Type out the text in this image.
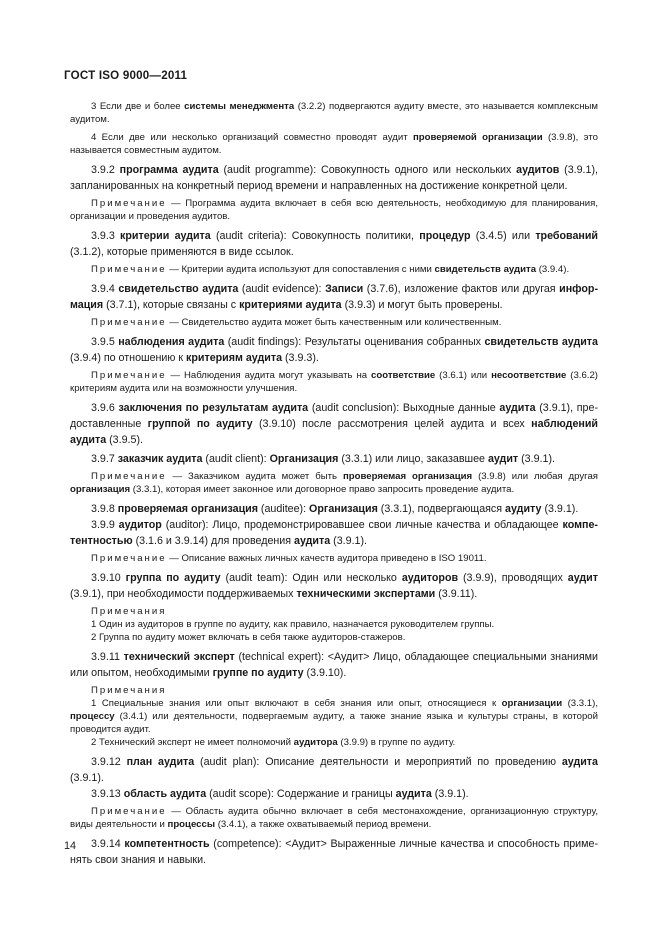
ГОСТ ISO 9000—2011

3 Если две и более системы менеджмента (3.2.2) подвергаются аудиту вместе, это называется комплексным аудитом.

4 Если две или несколько организаций совместно проводят аудит проверяемой организации (3.9.8), это называется совместным аудитом.

3.9.2 программа аудита (audit programme): Совокупность одного или нескольких аудитов (3.9.1), запланированных на конкретный период времени и направленных на достижение конкретной цели.

Примечание — Программа аудита включает в себя всю деятельность, необходимую для планирования, организации и проведения аудитов.

3.9.3 критерии аудита (audit criteria): Совокупность политики, процедур (3.4.5) или требований (3.1.2), которые применяются в виде ссылок.

Примечание — Критерии аудита используют для сопоставления с ними свидетельств аудита (3.9.4).

3.9.4 свидетельство аудита (audit evidence): Записи (3.7.6), изложение фактов или другая информация (3.7.1), которые связаны с критериями аудита (3.9.3) и могут быть проверены.

Примечание — Свидетельство аудита может быть качественным или количественным.

3.9.5 наблюдения аудита (audit findings): Результаты оценивания собранных свидетельств аудита (3.9.4) по отношению к критериям аудита (3.9.3).

Примечание — Наблюдения аудита могут указывать на соответствие (3.6.1) или несоответствие (3.6.2) критериям аудита или на возможности улучшения.

3.9.6 заключения по результатам аудита (audit conclusion): Выходные данные аудита (3.9.1), предоставленные группой по аудиту (3.9.10) после рассмотрения целей аудита и всех наблюдений аудита (3.9.5).

3.9.7 заказчик аудита (audit client): Организация (3.3.1) или лицо, заказавшее аудит (3.9.1).

Примечание — Заказчиком аудита может быть проверяемая организация (3.9.8) или любая другая организация (3.3.1), которая имеет законное или договорное право запросить проведение аудита.

3.9.8 проверяемая организация (auditee): Организация (3.3.1), подвергающаяся аудиту (3.9.1).

3.9.9 аудитор (auditor): Лицо, продемонстрировавшее свои личные качества и обладающее компетентностью (3.1.6 и 3.9.14) для проведения аудита (3.9.1).

Примечание — Описание важных личных качеств аудитора приведено в ISO 19011.

3.9.10 группа по аудиту (audit team): Один или несколько аудиторов (3.9.9), проводящих аудит (3.9.1), при необходимости поддерживаемых техническими экспертами (3.9.11).

Примечания

1 Один из аудиторов в группе по аудиту, как правило, назначается руководителем группы.

2 Группа по аудиту может включать в себя также аудиторов-стажеров.

3.9.11 технический эксперт (technical expert): <Аудит> Лицо, обладающее специальными знаниями или опытом, необходимыми группе по аудиту (3.9.10).

Примечания

1 Специальные знания или опыт включают в себя знания или опыт, относящиеся к организации (3.3.1), процессу (3.4.1) или деятельности, подвергаемым аудиту, а также знание языка и культуры страны, в которой проводится аудит.

2 Технический эксперт не имеет полномочий аудитора (3.9.9) в группе по аудиту.

3.9.12 план аудита (audit plan): Описание деятельности и мероприятий по проведению аудита (3.9.1).

3.9.13 область аудита (audit scope): Содержание и границы аудита (3.9.1).

Примечание — Область аудита обычно включает в себя местонахождение, организационную структуру, виды деятельности и процессы (3.4.1), а также охватываемый период времени.

3.9.14 компетентность (competence): <Аудит> Выраженные личные качества и способность применять свои знания и навыки.

14
